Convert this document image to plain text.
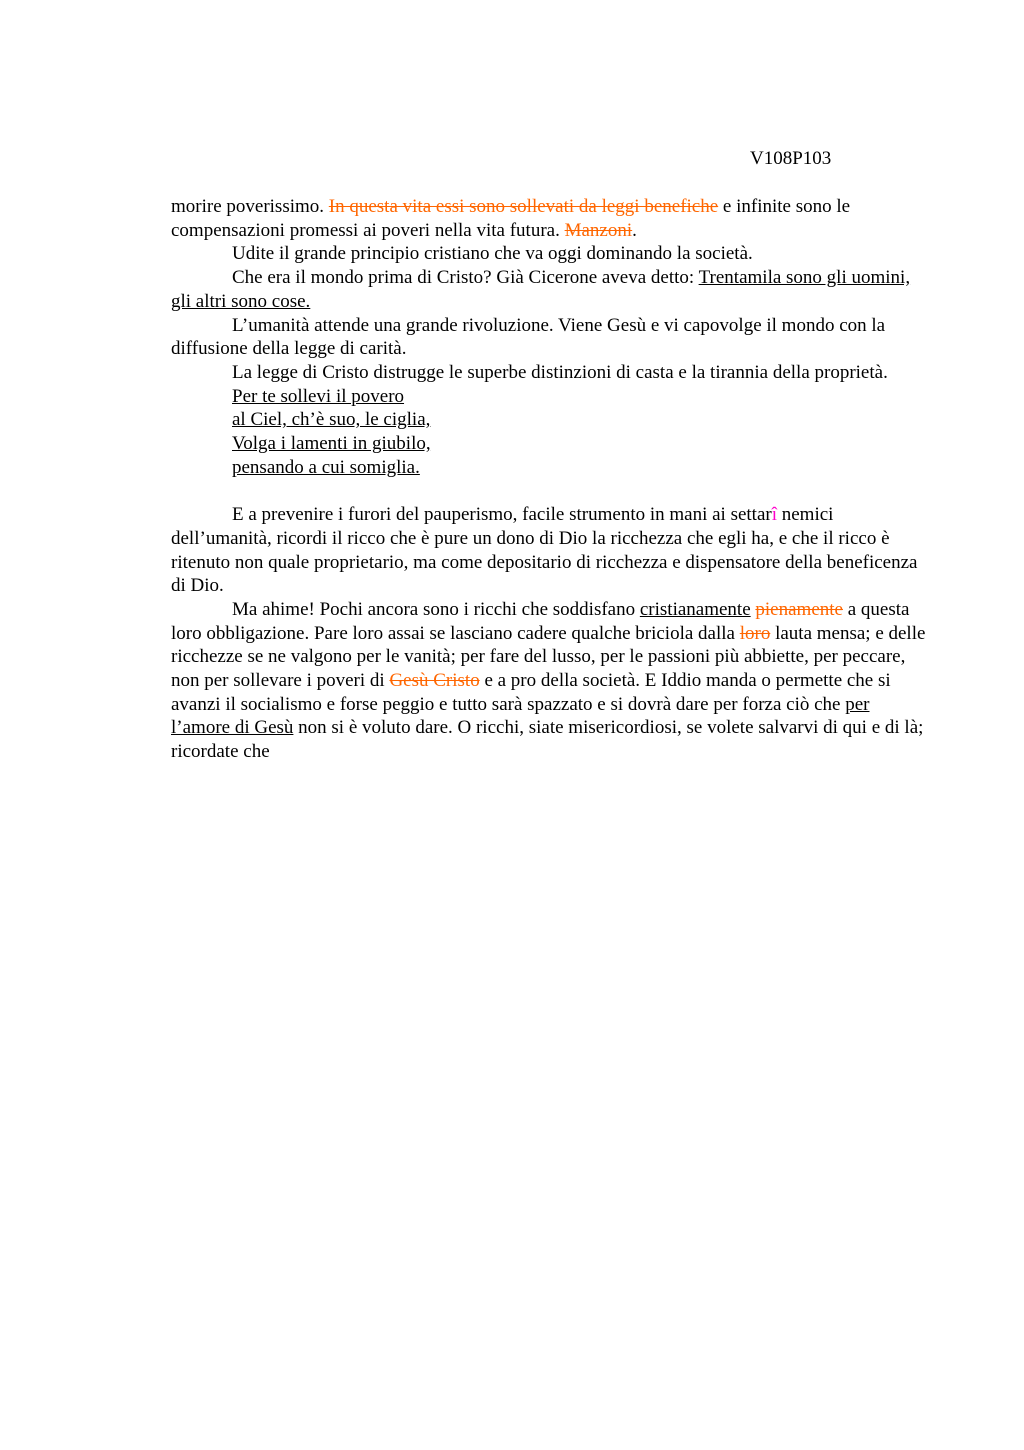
V108P103

morire poverissimo. In questa vita essi sono sollevati da leggi benefiche e infinite sono le compensazioni promessi ai poveri nella vita futura. Manzoni.

Udite il grande principio cristiano che va oggi dominando la società.

Che era il mondo prima di Cristo? Già Cicerone aveva detto: Trentamila sono gli uomini, gli altri sono cose.

L’umanità attende una grande rivoluzione. Viene Gesù e vi capovolge il mondo con la diffusione della legge di carità.

La legge di Cristo distrugge le superbe distinzioni di casta e la tirannia della proprietà.

Per te sollevi il povero

al Ciel, ch’è suo, le ciglia,

Volga i lamenti in giubilo,

pensando a cui somiglia.

E a prevenire i furori del pauperismo, facile strumento in mani ai settarî nemici dell’umanità, ricordi il ricco che è pure un dono di Dio la ricchezza che egli ha, e che il ricco è ritenuto non quale proprietario, ma come depositario di ricchezza e dispensatore della beneficenza di Dio.

Ma ahime! Pochi ancora sono i ricchi che soddisfano cristianamente pienamente a questa loro obbligazione. Pare loro assai se lasciano cadere qualche briciola dalla loro lauta mensa; e delle ricchezze se ne valgono per le vanità; per fare del lusso, per le passioni più abbiette, per peccare, non per sollevare i poveri di Gesù Cristo e a pro della società. E Iddio manda o permette che si avanzi il socialismo e forse peggio e tutto sarà spazzato e si dovrà dare per forza ciò che per l’amore di Gesù non si è voluto dare. O ricchi, siate misericordiosi, se volete salvarvi di qui e di là; ricordate che
